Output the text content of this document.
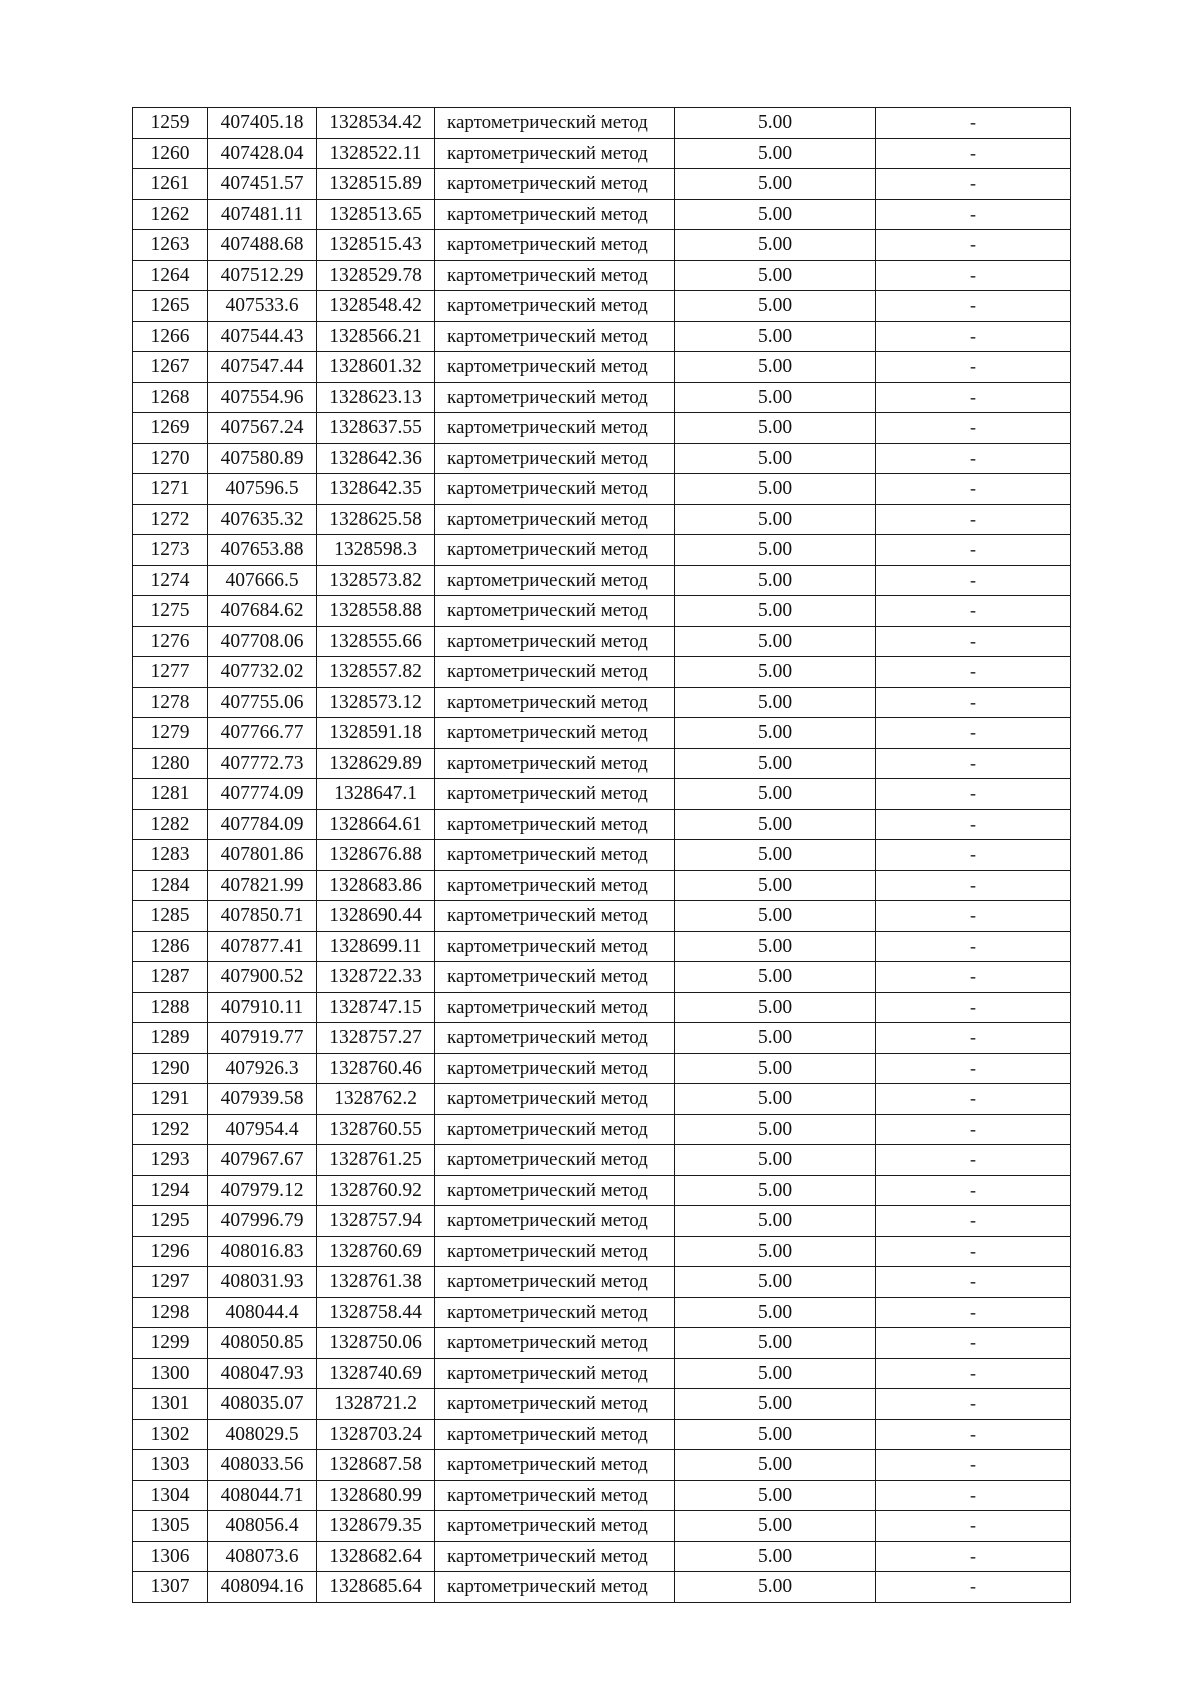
1259	407405.18	1328534.42	картометрический метод	5.00	-
1260	407428.04	1328522.11	картометрический метод	5.00	-
1261	407451.57	1328515.89	картометрический метод	5.00	-
1262	407481.11	1328513.65	картометрический метод	5.00	-
1263	407488.68	1328515.43	картометрический метод	5.00	-
1264	407512.29	1328529.78	картометрический метод	5.00	-
1265	407533.6	1328548.42	картометрический метод	5.00	-
1266	407544.43	1328566.21	картометрический метод	5.00	-
1267	407547.44	1328601.32	картометрический метод	5.00	-
1268	407554.96	1328623.13	картометрический метод	5.00	-
1269	407567.24	1328637.55	картометрический метод	5.00	-
1270	407580.89	1328642.36	картометрический метод	5.00	-
1271	407596.5	1328642.35	картометрический метод	5.00	-
1272	407635.32	1328625.58	картометрический метод	5.00	-
1273	407653.88	1328598.3	картометрический метод	5.00	-
1274	407666.5	1328573.82	картометрический метод	5.00	-
1275	407684.62	1328558.88	картометрический метод	5.00	-
1276	407708.06	1328555.66	картометрический метод	5.00	-
1277	407732.02	1328557.82	картометрический метод	5.00	-
1278	407755.06	1328573.12	картометрический метод	5.00	-
1279	407766.77	1328591.18	картометрический метод	5.00	-
1280	407772.73	1328629.89	картометрический метод	5.00	-
1281	407774.09	1328647.1	картометрический метод	5.00	-
1282	407784.09	1328664.61	картометрический метод	5.00	-
1283	407801.86	1328676.88	картометрический метод	5.00	-
1284	407821.99	1328683.86	картометрический метод	5.00	-
1285	407850.71	1328690.44	картометрический метод	5.00	-
1286	407877.41	1328699.11	картометрический метод	5.00	-
1287	407900.52	1328722.33	картометрический метод	5.00	-
1288	407910.11	1328747.15	картометрический метод	5.00	-
1289	407919.77	1328757.27	картометрический метод	5.00	-
1290	407926.3	1328760.46	картометрический метод	5.00	-
1291	407939.58	1328762.2	картометрический метод	5.00	-
1292	407954.4	1328760.55	картометрический метод	5.00	-
1293	407967.67	1328761.25	картометрический метод	5.00	-
1294	407979.12	1328760.92	картометрический метод	5.00	-
1295	407996.79	1328757.94	картометрический метод	5.00	-
1296	408016.83	1328760.69	картометрический метод	5.00	-
1297	408031.93	1328761.38	картометрический метод	5.00	-
1298	408044.4	1328758.44	картометрический метод	5.00	-
1299	408050.85	1328750.06	картометрический метод	5.00	-
1300	408047.93	1328740.69	картометрический метод	5.00	-
1301	408035.07	1328721.2	картометрический метод	5.00	-
1302	408029.5	1328703.24	картометрический метод	5.00	-
1303	408033.56	1328687.58	картометрический метод	5.00	-
1304	408044.71	1328680.99	картометрический метод	5.00	-
1305	408056.4	1328679.35	картометрический метод	5.00	-
1306	408073.6	1328682.64	картометрический метод	5.00	-
1307	408094.16	1328685.64	картометрический метод	5.00	-
